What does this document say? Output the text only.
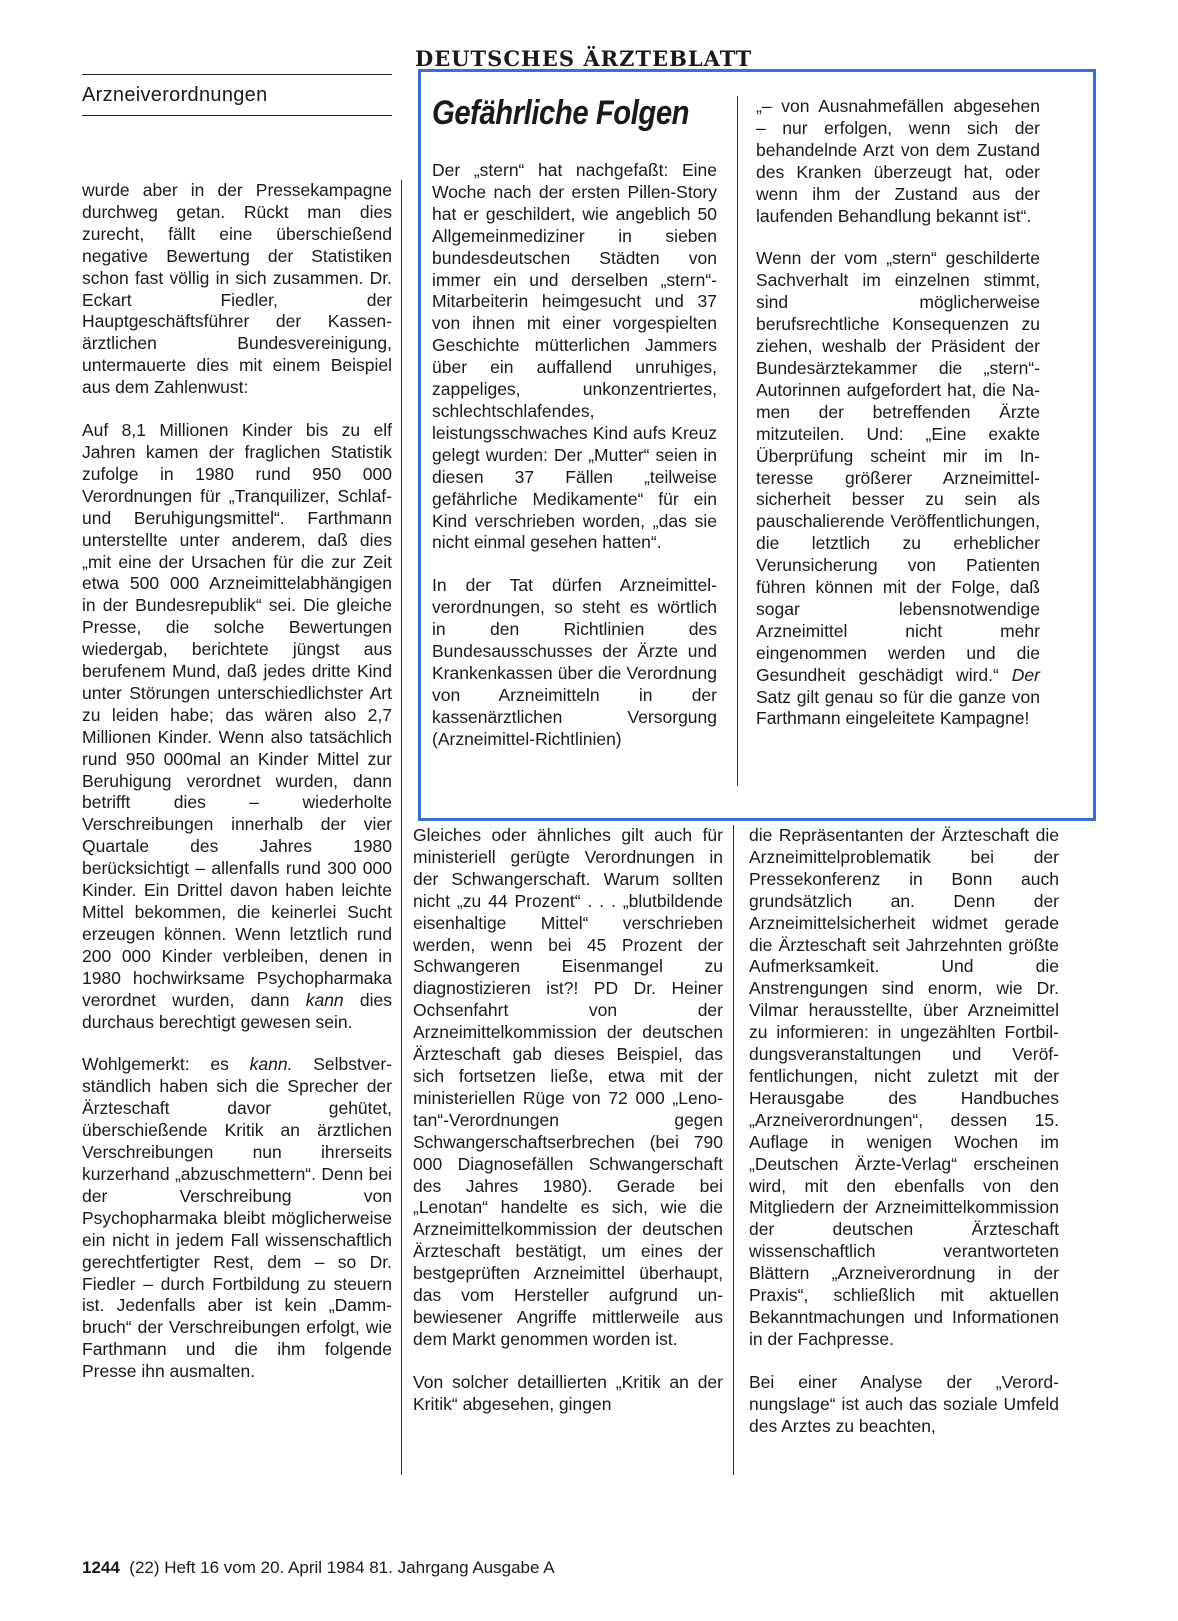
DEUTSCHES ÄRZTEBLATT
Arzneiverordnungen

wurde aber in der Pressekampagne durchweg getan. Rückt man dies zurecht, fällt eine überschießend negative Bewertung der Statistiken schon fast völlig in sich zusammen. Dr. Eckart Fiedler, der Hauptgeschäftsführer der Kassenärztlichen Bundesvereinigung, untermauerte dies mit einem Beispiel aus dem Zahlenwust:

Auf 8,1 Millionen Kinder bis zu elf Jahren kamen der fraglichen Statistik zufolge in 1980 rund 950 000 Verordnungen für „Tranquilizer, Schlaf- und Beruhigungsmittel“. Farthmann unterstellte unter anderem, daß dies „mit eine der Ursachen für die zur Zeit etwa 500 000 Arzneimittelabhängigen in der Bundesrepublik“ sei. Die gleiche Presse, die solche Bewertungen wiedergab, berichtete jüngst aus berufenem Mund, daß jedes dritte Kind unter Störungen unterschiedlichster Art zu leiden habe; das wären also 2,7 Millionen Kinder. Wenn also tatsächlich rund 950 000mal an Kinder Mittel zur Beruhigung verordnet wurden, dann betrifft dies – wiederholte Verschreibungen innerhalb der vier Quartale des Jahres 1980 berücksichtigt – allenfalls rund 300 000 Kinder. Ein Drittel davon haben leichte Mittel bekommen, die keinerlei Sucht erzeugen können. Wenn letztlich rund 200 000 Kinder verbleiben, denen in 1980 hochwirksame Psychopharmaka verordnet wurden, dann kann dies durchaus berechtigt gewesen sein.

Wohlgemerkt: es kann. Selbstverständlich haben sich die Sprecher der Ärzteschaft davor gehütet, überschießende Kritik an ärztlichen Verschreibungen nun ihrerseits kurzerhand „abzuschmettern“. Denn bei der Verschreibung von Psychopharmaka bleibt möglicherweise ein nicht in jedem Fall wissenschaftlich gerechtfertigter Rest, dem – so Dr. Fiedler – durch Fortbildung zu steuern ist. Jedenfalls aber ist kein „Dammbruch“ der Verschreibungen erfolgt, wie Farthmann und die ihm folgende Presse ihn ausmalten.

Gefährliche Folgen

Der „stern“ hat nachgefaßt: Eine Woche nach der ersten Pillen-Story hat er geschildert, wie angeblich 50 Allgemeinmediziner in sieben bundesdeutschen Städten von immer ein und derselben „stern“-Mitarbeiterin heimgesucht und 37 von ihnen mit einer vorgespielten Geschichte mütterlichen Jammers über ein auffallend unruhiges, zappeliges, unkonzentriertes, schlechtschlafendes, leistungsschwaches Kind aufs Kreuz gelegt wurden: Der „Mutter“ seien in diesen 37 Fällen „teilweise gefährliche Medikamente“ für ein Kind verschrieben worden, „das sie nicht einmal gesehen hatten“.

In der Tat dürfen Arzneimittelverordnungen, so steht es wörtlich in den Richtlinien des Bundesausschusses der Ärzte und Krankenkassen über die Verordnung von Arzneimitteln in der kassenärztlichen Versorgung (Arzneimittel-Richtlinien)

„– von Ausnahmefällen abgesehen – nur erfolgen, wenn sich der behandelnde Arzt von dem Zustand des Kranken überzeugt hat, oder wenn ihm der Zustand aus der laufenden Behandlung bekannt ist“.

Wenn der vom „stern“ geschilderte Sachverhalt im einzelnen stimmt, sind möglicherweise berufsrechtliche Konsequenzen zu ziehen, weshalb der Präsident der Bundesärztekammer die „stern“-Autorinnen aufgefordert hat, die Namen der betreffenden Ärzte mitzuteilen. Und: „Eine exakte Überprüfung scheint mir im Interesse größerer Arzneimittelsicherheit besser zu sein als pauschalierende Veröffentlichungen, die letztlich zu erheblicher Verunsicherung von Patienten führen können mit der Folge, daß sogar lebensnotwendige Arzneimittel nicht mehr eingenommen werden und die Gesundheit geschädigt wird.“ Der Satz gilt genau so für die ganze von Farthmann eingeleitete Kampagne!

Gleiches oder ähnliches gilt auch für ministeriell gerügte Verordnungen in der Schwangerschaft. Warum sollten nicht „zu 44 Prozent“ . . . „blutbildende eisenhaltige Mittel“ verschrieben werden, wenn bei 45 Prozent der Schwangeren Eisenmangel zu diagnostizieren ist?! PD Dr. Heiner Ochsenfahrt von der Arzneimittelkommission der deutschen Ärzteschaft gab dieses Beispiel, das sich fortsetzen ließe, etwa mit der ministeriellen Rüge von 72 000 „Lenotan“-Verordnungen gegen Schwangerschaftserbrechen (bei 790 000 Diagnosefällen Schwangerschaft des Jahres 1980). Gerade bei „Lenotan“ handelte es sich, wie die Arzneimittelkommission der deutschen Ärzteschaft bestätigt, um eines der bestgeprüften Arzneimittel überhaupt, das vom Hersteller aufgrund unbewiesener Angriffe mittlerweile aus dem Markt genommen worden ist.

Von solcher detaillierten „Kritik an der Kritik“ abgesehen, gingen

die Repräsentanten der Ärzteschaft die Arzneimittelproblematik bei der Pressekonferenz in Bonn auch grundsätzlich an. Denn der Arzneimittelsicherheit widmet gerade die Ärzteschaft seit Jahrzehnten größte Aufmerksamkeit. Und die Anstrengungen sind enorm, wie Dr. Vilmar herausstellte, über Arzneimittel zu informieren: in ungezählten Fortbildungsveranstaltungen und Veröffentlichungen, nicht zuletzt mit der Herausgabe des Handbuches „Arzneiverordnungen“, dessen 15. Auflage in wenigen Wochen im „Deutschen Ärzte-Verlag“ erscheinen wird, mit den ebenfalls von den Mitgliedern der Arzneimittelkommission der deutschen Ärzteschaft wissenschaftlich verantworteten Blättern „Arzneiverordnung in der Praxis“, schließlich mit aktuellen Bekanntmachungen und Informationen in der Fachpresse.

Bei einer Analyse der „Verordnungslage“ ist auch das soziale Umfeld des Arztes zu beachten,

1244 (22) Heft 16 vom 20. April 1984 81. Jahrgang Ausgabe A
